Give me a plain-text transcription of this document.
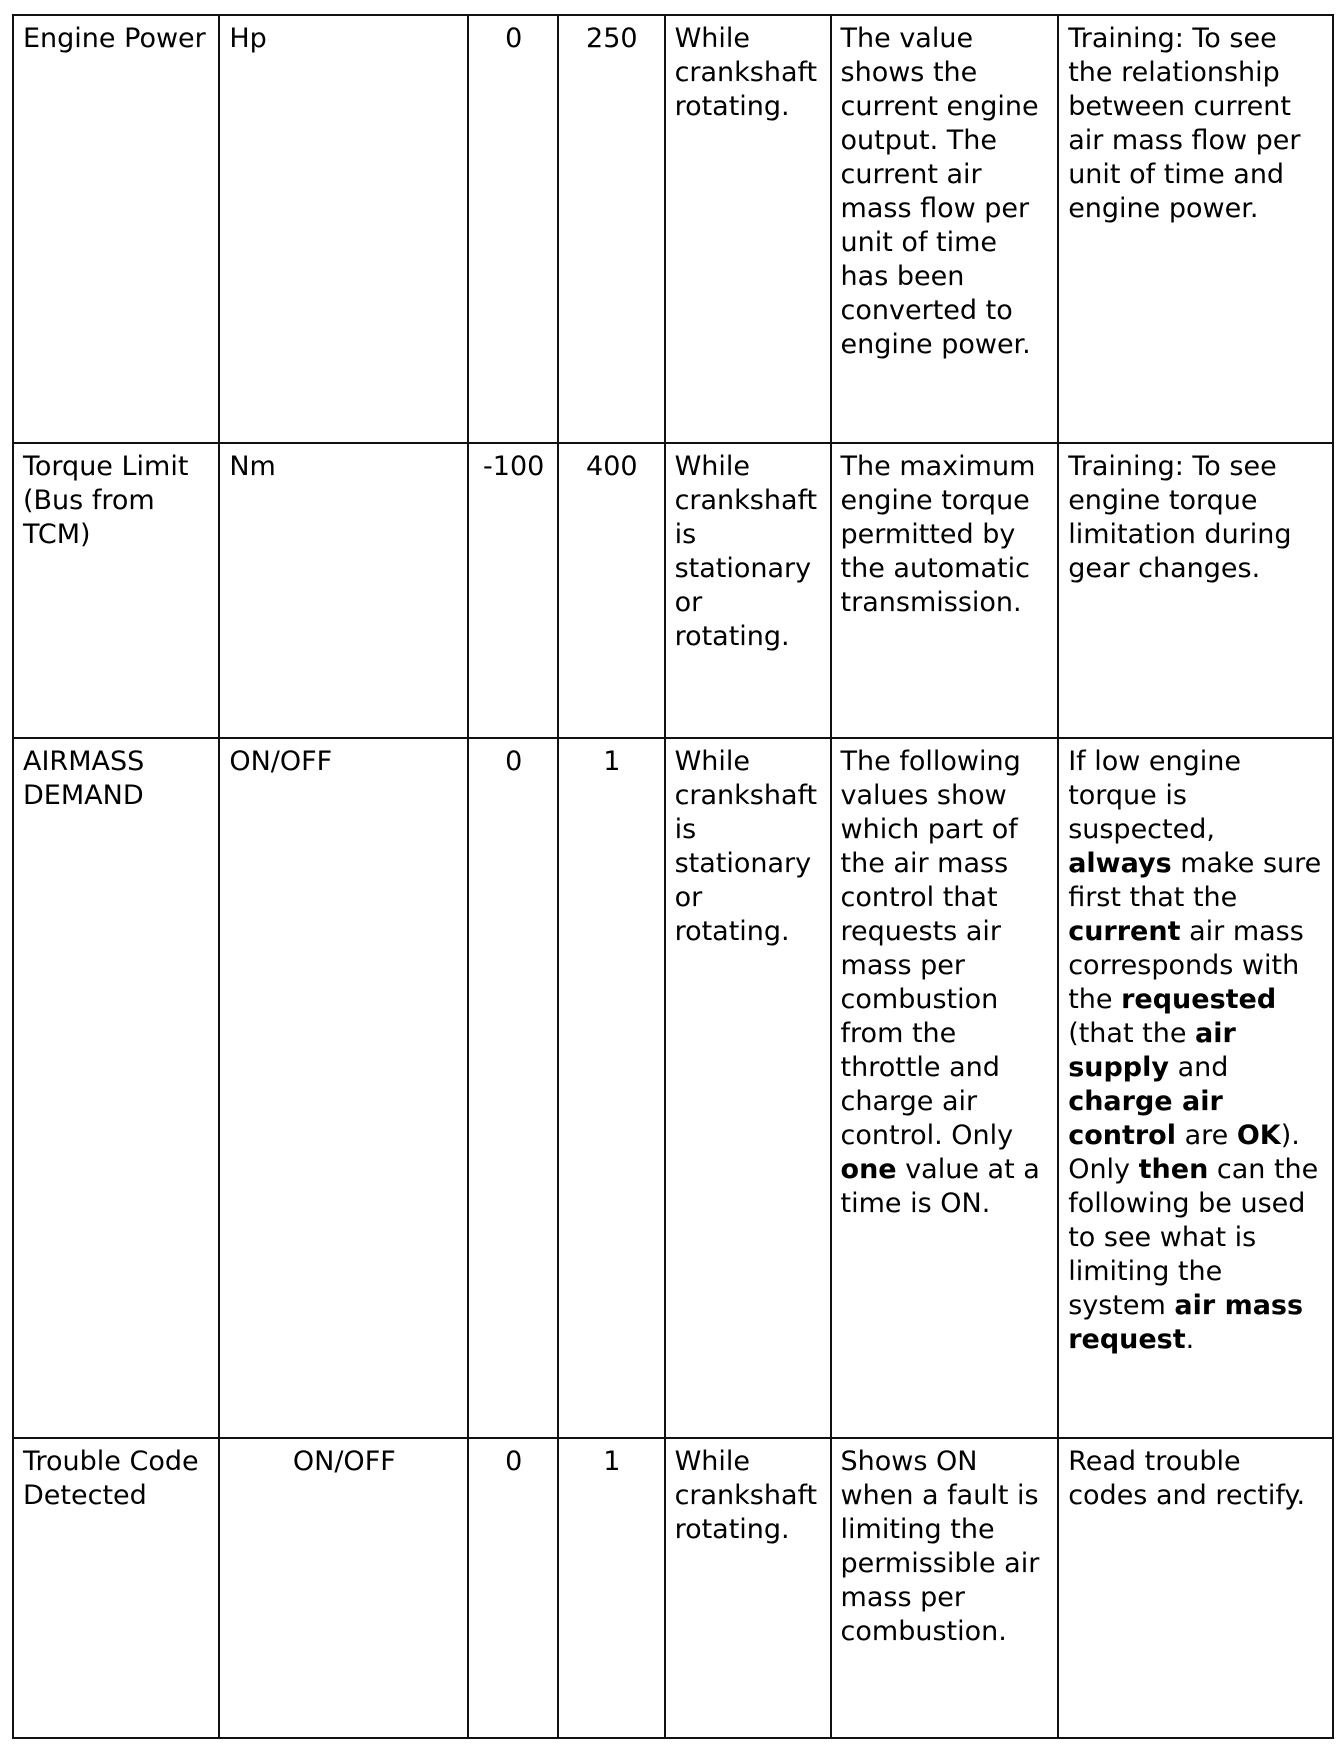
Engine Power	Hp	0	250	While crankshaft rotating.	The value shows the current engine output. The current air mass flow per unit of time has been converted to engine power.	Training: To see the relationship between current air mass flow per unit of time and engine power.
Torque Limit (Bus from TCM)	Nm	-100	400	While crankshaft is stationary or rotating.	The maximum engine torque permitted by the automatic transmission.	Training: To see engine torque limitation during gear changes.
AIRMASS DEMAND	ON/OFF	0	1	While crankshaft is stationary or rotating.	The following values show which part of the air mass control that requests air mass per combustion from the throttle and charge air control. Only one value at a time is ON.	If low engine torque is suspected, always make sure first that the current air mass corresponds with the requested (that the air supply and charge air control are OK). Only then can the following be used to see what is limiting the system air mass request.
Trouble Code Detected	ON/OFF	0	1	While crankshaft rotating.	Shows ON when a fault is limiting the permissible air mass per combustion.	Read trouble codes and rectify.
